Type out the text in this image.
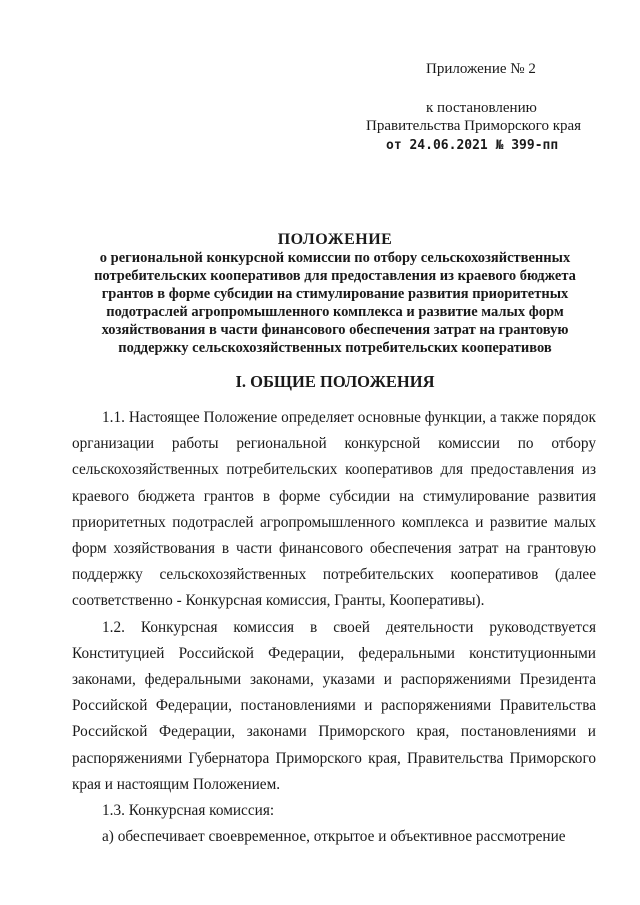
Приложение № 2
к постановлению
Правительства Приморского края
от 24.06.2021 № 399-пп
ПОЛОЖЕНИЕ
о региональной конкурсной комиссии по отбору сельскохозяйственных
потребительских кооперативов для предоставления из краевого бюджета
грантов в форме субсидии на стимулирование развития приоритетных
подотраслей агропромышленного комплекса и развитие малых форм
хозяйствования в части финансового обеспечения затрат на грантовую
поддержку сельскохозяйственных потребительских кооперативов
I. ОБЩИЕ ПОЛОЖЕНИЯ

1.1. Настоящее Положение определяет основные функции, а также порядок организации работы региональной конкурсной комиссии по отбору сельскохозяйственных потребительских кооперативов для предоставления из краевого бюджета грантов в форме субсидии на стимулирование развития приоритетных подотраслей агропромышленного комплекса и развитие малых форм хозяйствования в части финансового обеспечения затрат на грантовую поддержку сельскохозяйственных потребительских кооперативов (далее соответственно - Конкурсная комиссия, Гранты, Кооперативы).

1.2. Конкурсная комиссия в своей деятельности руководствуется Конституцией Российской Федерации, федеральными конституционными законами, федеральными законами, указами и распоряжениями Президента Российской Федерации, постановлениями и распоряжениями Правительства Российской Федерации, законами Приморского края, постановлениями и распоряжениями Губернатора Приморского края, Правительства Приморского края и настоящим Положением.

1.3. Конкурсная комиссия:

а) обеспечивает своевременное, открытое и объективное рассмотрение
